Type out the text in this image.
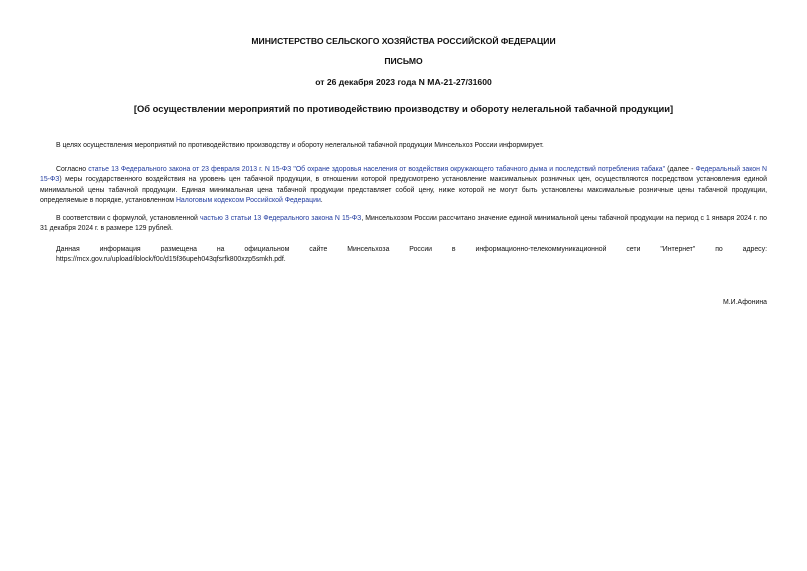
МИНИСТЕРСТВО СЕЛЬСКОГО ХОЗЯЙСТВА РОССИЙСКОЙ ФЕДЕРАЦИИ
ПИСЬМО
от 26 декабря 2023 года N МА-21-27/31600
[Об осуществлении мероприятий по противодействию производству и обороту нелегальной табачной продукции]

В целях осуществления мероприятий по противодействию производству и обороту нелегальной табачной продукции Минсельхоз России информирует.

Согласно статье 13 Федерального закона от 23 февраля 2013 г. N 15-ФЗ "Об охране здоровья населения от воздействия окружающего табачного дыма и последствий потребления табака" (далее - Федеральный закон N 15-ФЗ) меры государственного воздействия на уровень цен табачной продукции, в отношении которой предусмотрено установление максимальных розничных цен, осуществляются посредством установления единой минимальной цены табачной продукции. Единая минимальная цена табачной продукции представляет собой цену, ниже которой не могут быть установлены максимальные розничные цены табачной продукции, определяемые в порядке, установленном Налоговым кодексом Российской Федерации.

В соответствии с формулой, установленной частью 3 статьи 13 Федерального закона N 15-ФЗ, Минсельхозом России рассчитано значение единой минимальной цены табачной продукции на период с 1 января 2024 г. по 31 декабря 2024 г. в размере 129 рублей.

Данная информация размещена на официальном сайте Минсельхоза России в информационно-телекоммуникационной сети "Интернет" по адресу:

https://mcx.gov.ru/upload/iblock/f0c/d15f36upeh043qfsrfk800xzp5smkh.pdf.

М.И.Афонина
